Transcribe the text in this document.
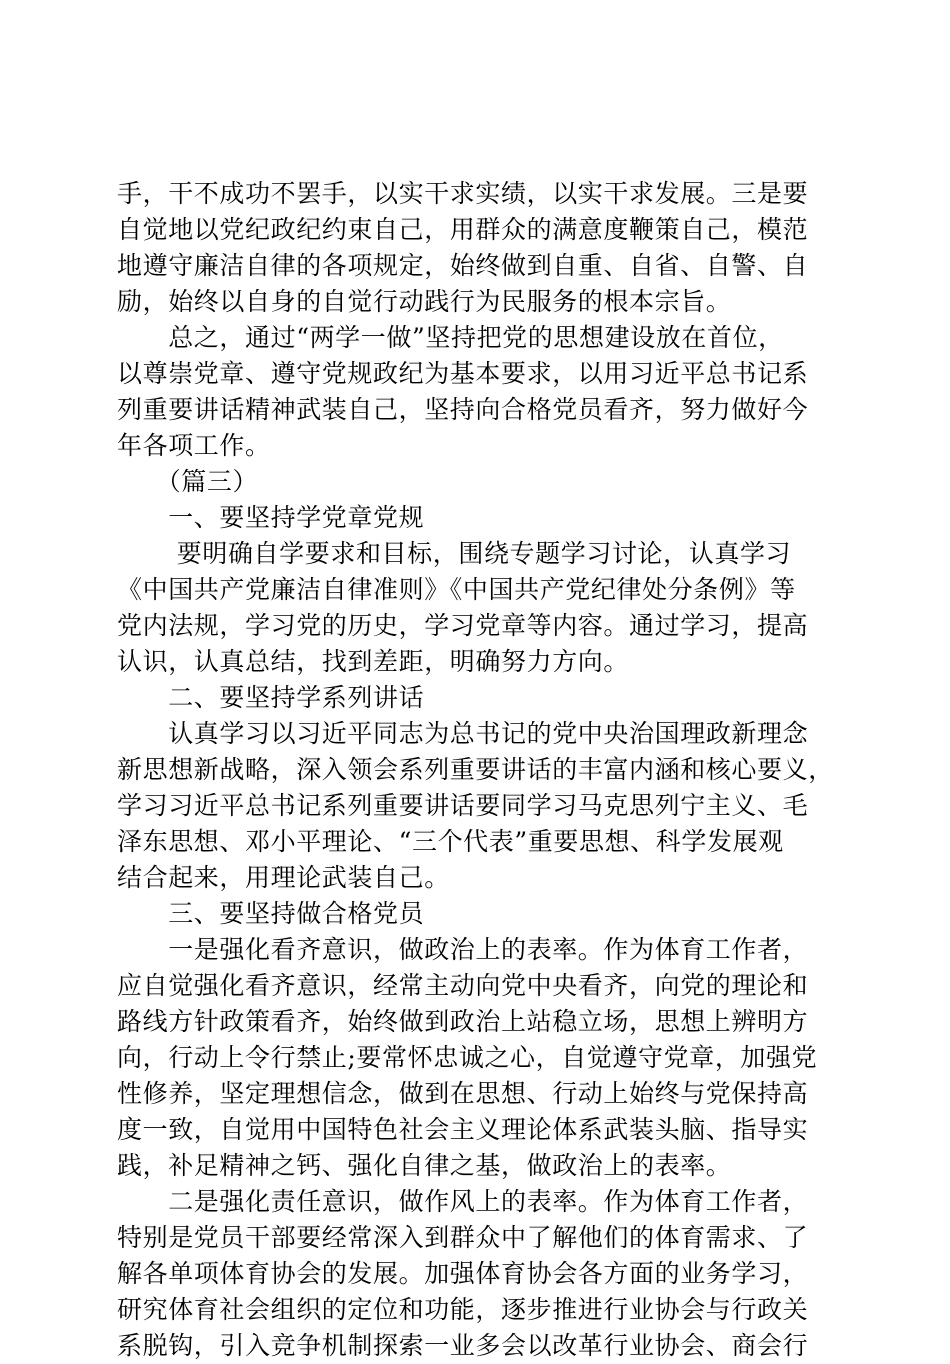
手，干不成功不罢手，以实干求实绩，以实干求发展。三是要
自觉地以党纪政纪约束自己，用群众的满意度鞭策自己，模范
地遵守廉洁自律的各项规定，始终做到自重、自省、自警、自
励，始终以自身的自觉行动践行为民服务的根本宗旨。
　　总之，通过“两学一做”坚持把党的思想建设放在首位，
以尊崇党章、遵守党规政纪为基本要求，以用习近平总书记系
列重要讲话精神武装自己，坚持向合格党员看齐，努力做好今
年各项工作。
　　（篇三）
　　一、要坚持学党章党规
　　 要明确自学要求和目标，围绕专题学习讨论，认真学习
《中国共产党廉洁自律准则》《中国共产党纪律处分条例》等
党内法规，学习党的历史，学习党章等内容。通过学习，提高
认识，认真总结，找到差距，明确努力方向。
　　二、要坚持学系列讲话
　　认真学习以习近平同志为总书记的党中央治国理政新理念
新思想新战略，深入领会系列重要讲话的丰富内涵和核心要义，
学习习近平总书记系列重要讲话要同学习马克思列宁主义、毛
泽东思想、邓小平理论、“三个代表”重要思想、科学发展观
结合起来，用理论武装自己。
　　三、要坚持做合格党员
　　一是强化看齐意识，做政治上的表率。作为体育工作者，
应自觉强化看齐意识，经常主动向党中央看齐，向党的理论和
路线方针政策看齐，始终做到政治上站稳立场，思想上辨明方
向，行动上令行禁止;要常怀忠诚之心，自觉遵守党章，加强党
性修养，坚定理想信念，做到在思想、行动上始终与党保持高
度一致，自觉用中国特色社会主义理论体系武装头脑、指导实
践，补足精神之钙、强化自律之基，做政治上的表率。
　　二是强化责任意识，做作风上的表率。作为体育工作者，
特别是党员干部要经常深入到群众中了解他们的体育需求、了
解各单项体育协会的发展。加强体育协会各方面的业务学习，
研究体育社会组织的定位和功能，逐步推进行业协会与行政关
系脱钩，引入竞争机制探索一业多会以改革行业协会、商会行
